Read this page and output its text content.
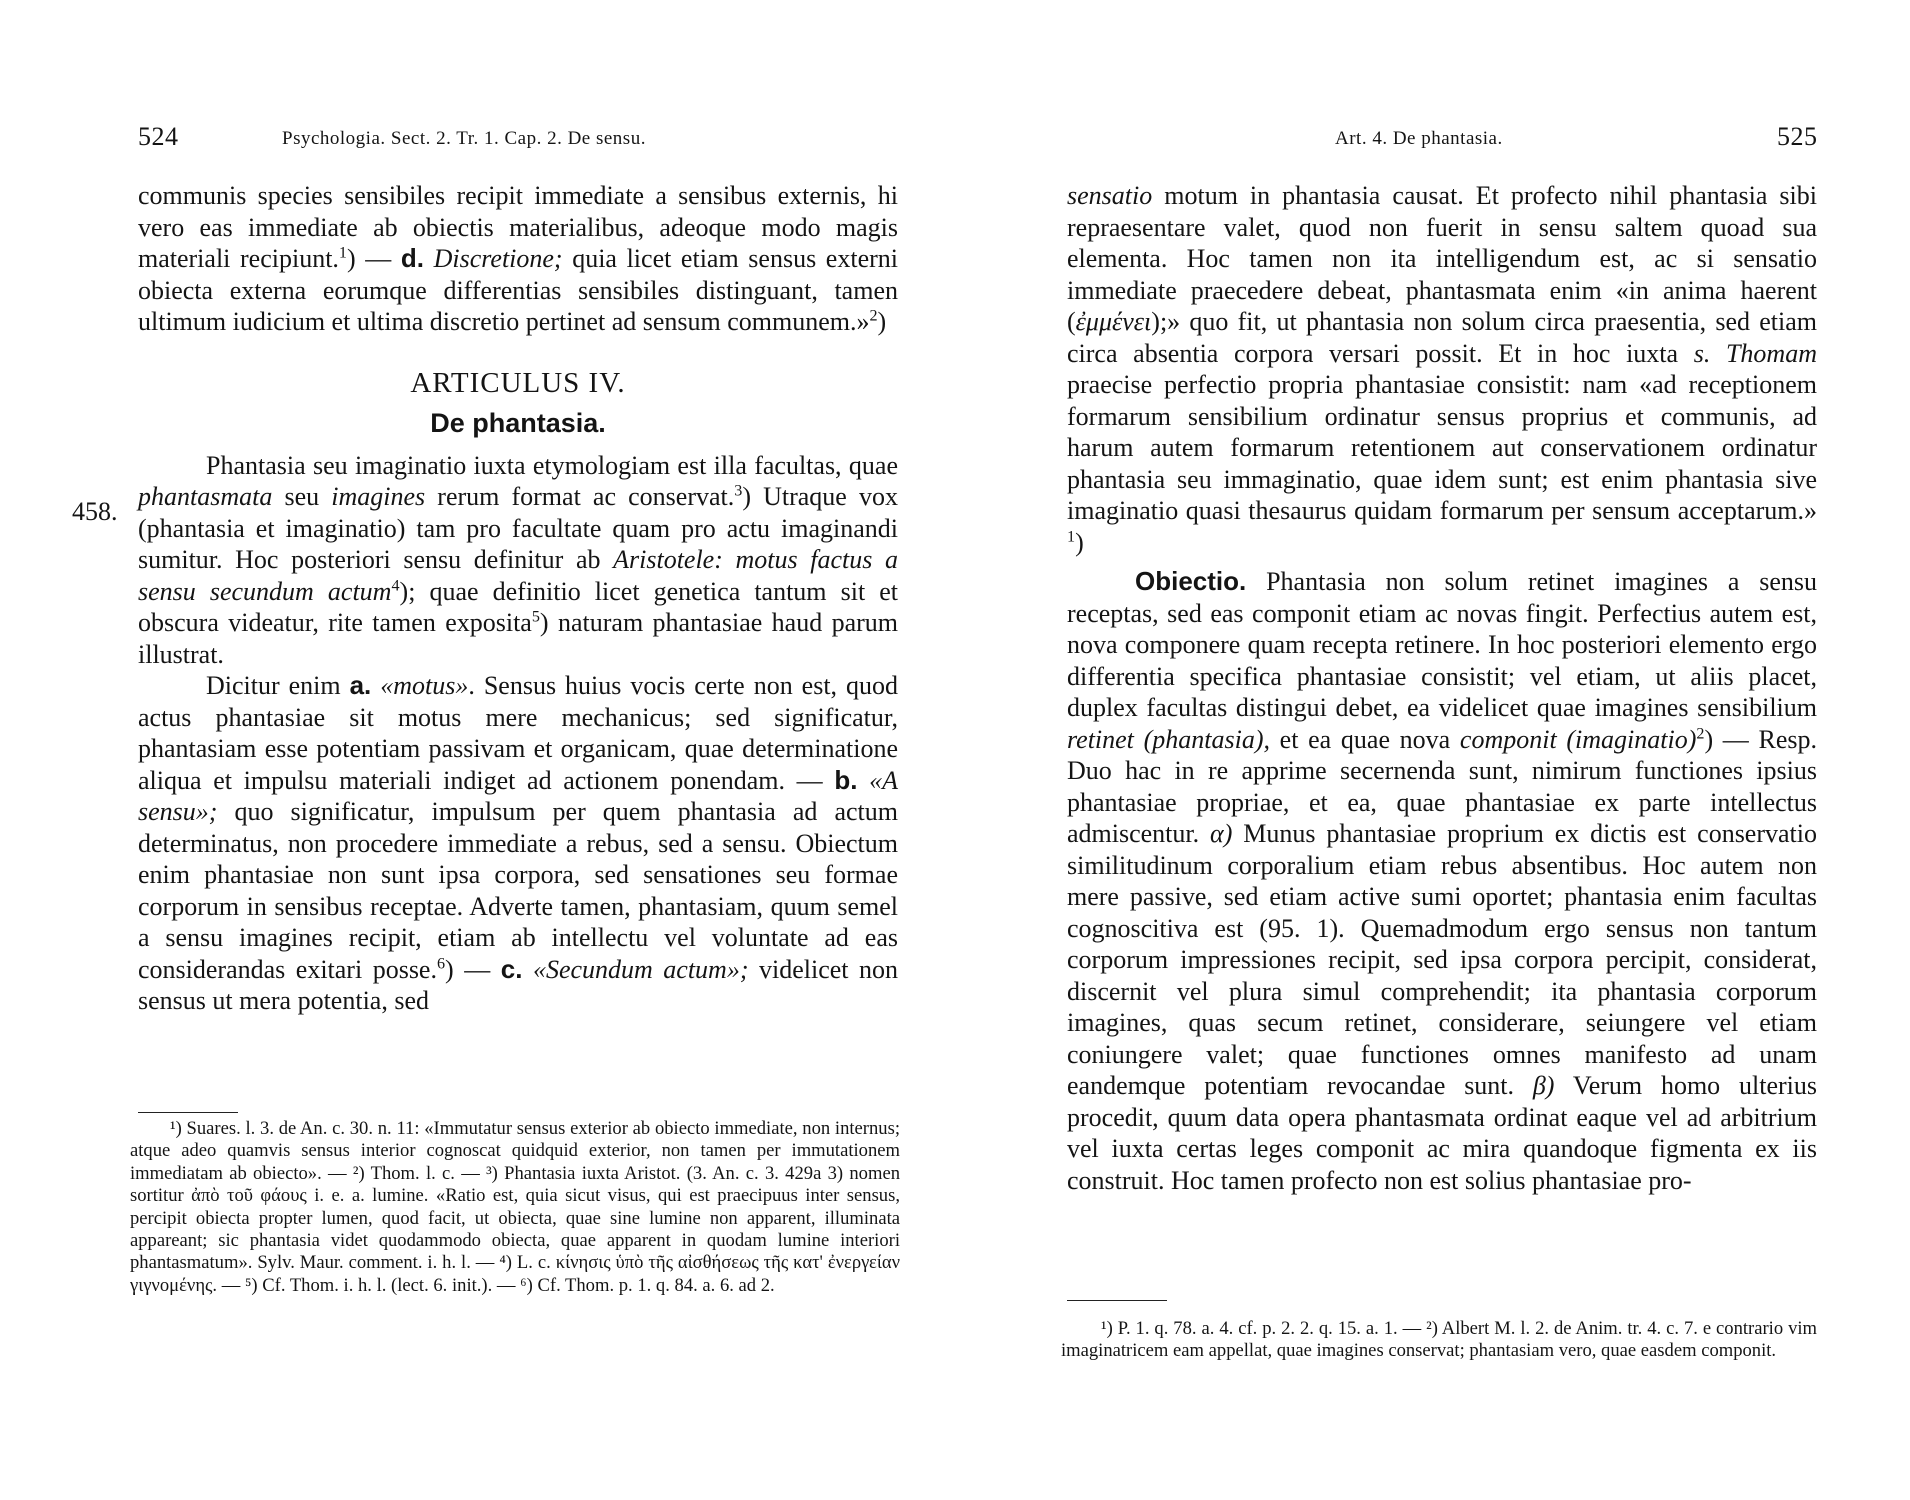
524	Psychologia. Sect. 2. Tr. 1. Cap. 2. De sensu.

communis species sensibiles recipit immediate a sensibus externis, hi vero eas immediate ab obiectis materialibus, adeoque modo magis materiali recipiunt.$^1$) — d. Discretione; quia licet etiam sensus externi obiecta externa eorumque differentias sensibiles distinguant, tamen ultimum iudicium et ultima discretio pertinet ad sensum communem.»$^2$)

ARTICULUS IV.
De phantasia.

Phantasia seu imaginatio iuxta etymologiam est illa facultas, quae phantasmata seu imagines rerum format ac conservat.$^3$) Utraque vox (phantasia et imaginatio) tam pro facultate quam pro actu imaginandi sumitur. Hoc posteriori sensu definitur ab Aristotele: motus factus a sensu secundum actum$^4$); quae definitio licet genetica tantum sit et obscura videatur, rite tamen exposita$^5$) naturam phantasiae haud parum illustrat.

Dicitur enim a. «motus». Sensus huius vocis certe non est, quod actus phantasiae sit motus mere mechanicus; sed significatur, phantasiam esse potentiam passivam et organicam, quae determinatione aliqua et impulsu materiali indiget ad actionem ponendam. — b. «A sensu»; quo significatur, impulsum per quem phantasia ad actum determinatus, non procedere immediate a rebus, sed a sensu. Obiectum enim phantasiae non sunt ipsa corpora, sed sensationes seu formae corporum in sensibus receptae. Adverte tamen, phantasiam, quum semel a sensu imagines recipit, etiam ab intellectu vel voluntate ad eas considerandas exitari posse.$^6$) — c. «Secundum actum»; videlicet non sensus ut mera potentia, sed

458.

¹) Suares. l. 3. de An. c. 30. n. 11: «Immutatur sensus exterior ab obiecto immediate, non internus; atque adeo quamvis sensus interior cognoscat quidquid exterior, non tamen per immutationem immediatam ab obiecto». — ²) Thom. l. c. — ³) Phantasia iuxta Aristot. (3. An. c. 3. 429a 3) nomen sortitur ἀπὸ τοῦ φάους i. e. a. lumine. «Ratio est, quia sicut visus, qui est praecipuus inter sensus, percipit obiecta propter lumen, quod facit, ut obiecta, quae sine lumine non apparent, illuminata appareant; sic phantasia videt quodammodo obiecta, quae apparent in quodam lumine interiori phantasmatum». Sylv. Maur. comment. i. h. l. — ⁴) L. c. κίνησις ὑπὸ τῆς αἰσθήσεως τῆς κατ' ἐνεργείαν γιγνομένης. — ⁵) Cf. Thom. i. h. l. (lect. 6. init.). — ⁶) Cf. Thom. p. 1. q. 84. a. 6. ad 2.

Art. 4. De phantasia.	525

sensatio motum in phantasia causat. Et profecto nihil phantasia sibi repraesentare valet, quod non fuerit in sensu saltem quoad sua elementa. Hoc tamen non ita intelligendum est, ac si sensatio immediate praecedere debeat, phantasmata enim «in anima haerent (ἐμμένει);» quo fit, ut phantasia non solum circa praesentia, sed etiam circa absentia corpora versari possit. Et in hoc iuxta s. Thomam praecise perfectio propria phantasiae consistit: nam «ad receptionem formarum sensibilium ordinatur sensus proprius et communis, ad harum autem formarum retentionem aut conservationem ordinatur phantasia seu immaginatio, quae idem sunt; est enim phantasia sive imaginatio quasi thesaurus quidam formarum per sensum acceptarum.» $^1$)

Obiectio. Phantasia non solum retinet imagines a sensu receptas, sed eas componit etiam ac novas fingit. Perfectius autem est, nova componere quam recepta retinere. In hoc posteriori elemento ergo differentia specifica phantasiae consistit; vel etiam, ut aliis placet, duplex facultas distingui debet, ea videlicet quae imagines sensibilium retinet (phantasia), et ea quae nova componit (imaginatio)$^2$) — Resp. Duo hac in re apprime secernenda sunt, nimirum functiones ipsius phantasiae propriae, et ea, quae phantasiae ex parte intellectus admiscentur. α) Munus phantasiae proprium ex dictis est conservatio similitudinum corporalium etiam rebus absentibus. Hoc autem non mere passive, sed etiam active sumi oportet; phantasia enim facultas cognoscitiva est (95. 1). Quemadmodum ergo sensus non tantum corporum impressiones recipit, sed ipsa corpora percipit, considerat, discernit vel plura simul comprehendit; ita phantasia corporum imagines, quas secum retinet, considerare, seiungere vel etiam coniungere valet; quae functiones omnes manifesto ad unam eandemque potentiam revocandae sunt. β) Verum homo ulterius procedit, quum data opera phantasmata ordinat eaque vel ad arbitrium vel iuxta certas leges componit ac mira quandoque figmenta ex iis construit. Hoc tamen profecto non est solius phantasiae pro-

¹) P. 1. q. 78. a. 4. cf. p. 2. 2. q. 15. a. 1. — ²) Albert M. l. 2. de Anim. tr. 4. c. 7. e contrario vim imaginatricem eam appellat, quae imagines conservat; phantasiam vero, quae easdem componit.
